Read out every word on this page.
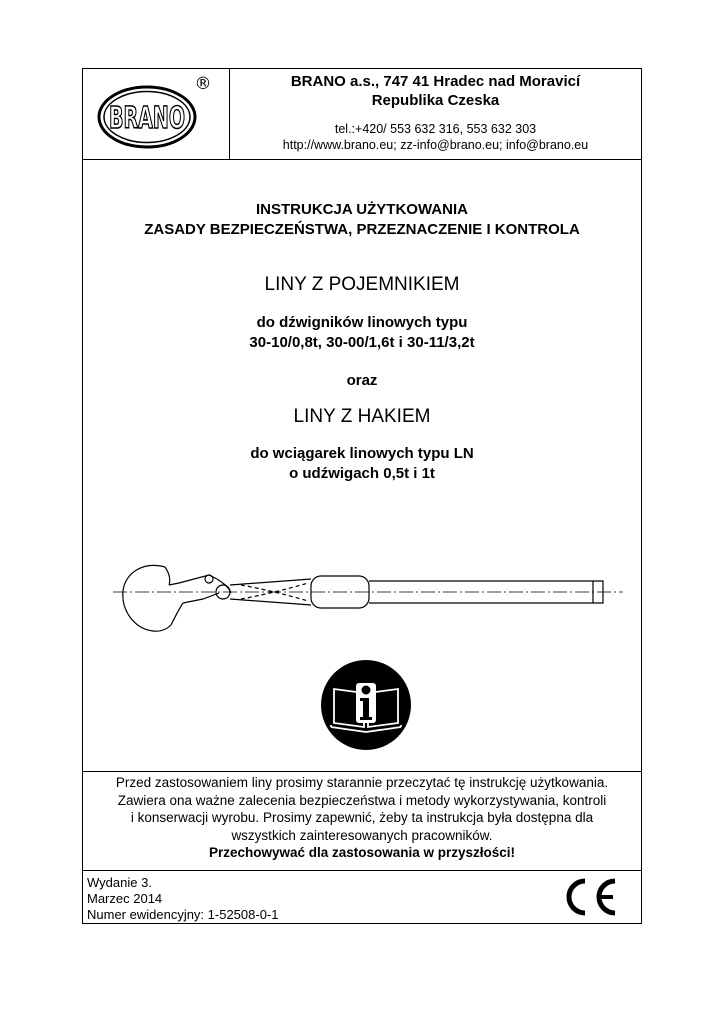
BRANO
®	BRANO a.s., 747 41 Hradec nad Moravicí
Republika Czeska
tel.:+420/ 553 632 316, 553 632 303
http://www.brano.eu; zz-info@brano.eu; info@brano.eu
INSTRUKCJA UŻYTKOWANIA
ZASADY BEZPIECZEŃSTWA, PRZEZNACZENIE I KONTROLA
LINY Z POJEMNIKIEM
do dźwigników linowych typu
30-10/0,8t, 30-00/1,6t i 30-11/3,2t
oraz
LINY Z HAKIEM
do wciągarek linowych typu LN
o udźwigach 0,5t i 1t
Przed zastosowaniem liny prosimy starannie przeczytać tę instrukcję użytkowania.
Zawiera ona ważne zalecenia bezpieczeństwa i metody wykorzystywania, kontroli
i konserwacji wyrobu. Prosimy zapewnić, żeby ta instrukcja była dostępna dla
wszystkich zainteresowanych pracowników.
Przechowywać dla zastosowania w przyszłości!
Wydanie 3.
Marzec 2014
Numer ewidencyjny: 1-52508-0-1
